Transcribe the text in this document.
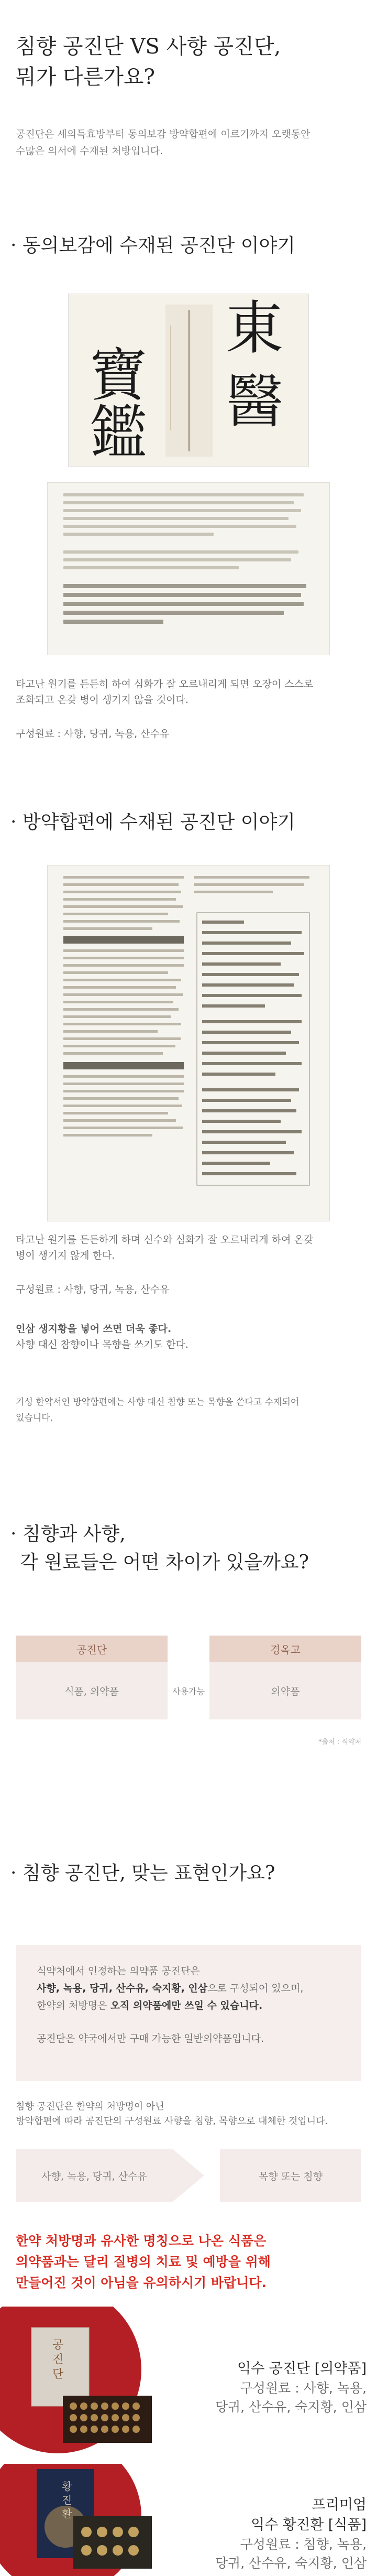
침향 공진단 VS 사향 공진단,
뭐가 다른가요?
공진단은 세의득효방부터 동의보감 방약합편에 이르기까지 오랫동안
수많은 의서에 수재된 처방입니다.
· 동의보감에 수재된 공진단 이야기
東
醫
寶
鑑
타고난 원기를 든든히 하여 심화가 잘 오르내리게 되면 오장이 스스로
조화되고 온갖 병이 생기지 않을 것이다.
구성원료 : 사향, 당귀, 녹용, 산수유
· 방약합편에 수재된 공진단 이야기
타고난 원기를 든든하게 하며 신수와 심화가 잘 오르내리게 하여 온갖
병이 생기지 않게 한다.
구성원료 : 사향, 당귀, 녹용, 산수유
인삼 생지황을 넣어 쓰면 더욱 좋다.
사향 대신 참향이나 목향을 쓰기도 한다.
기성 한약서인 방약합편에는 사향 대신 침향 또는 목향을 쓴다고 수재되어
있습니다.
· 침향과 사향,
각 원료들은 어떤 차이가 있을까요?
공진단	경옥고
식품, 의약품	사용가능	의약품
*출처 : 식약처
· 침향 공진단, 맞는 표현인가요?

식약처에서 인정하는 의약품 공진단은

사향, 녹용, 당귀, 산수유, 숙지황, 인삼으로 구성되어 있으며,

한약의 처방명은 오직 의약품에만 쓰일 수 있습니다.

공진단은 약국에서만 구매 가능한 일반의약품입니다.

침향 공진단은 한약의 처방명이 아닌
방약합편에 따라 공진단의 구성원료 사향을 침향, 목향으로 대체한 것입니다.
사향, 녹용, 당귀, 산수유	목향 또는 침향
한약 처방명과 유사한 명칭으로 나온 식품은
의약품과는 달리 질병의 치료 및 예방을 위해
만들어진 것이 아님을 유의하시기 바랍니다.
공진단	익수 공진단 [의약품]
구성원료 : 사향, 녹용,
당귀, 산수유, 숙지황, 인삼
황진환
프리미엄
익수 황진환 [식품]
구성원료 : 침향, 녹용,
당귀, 산수유, 숙지황, 인삼
